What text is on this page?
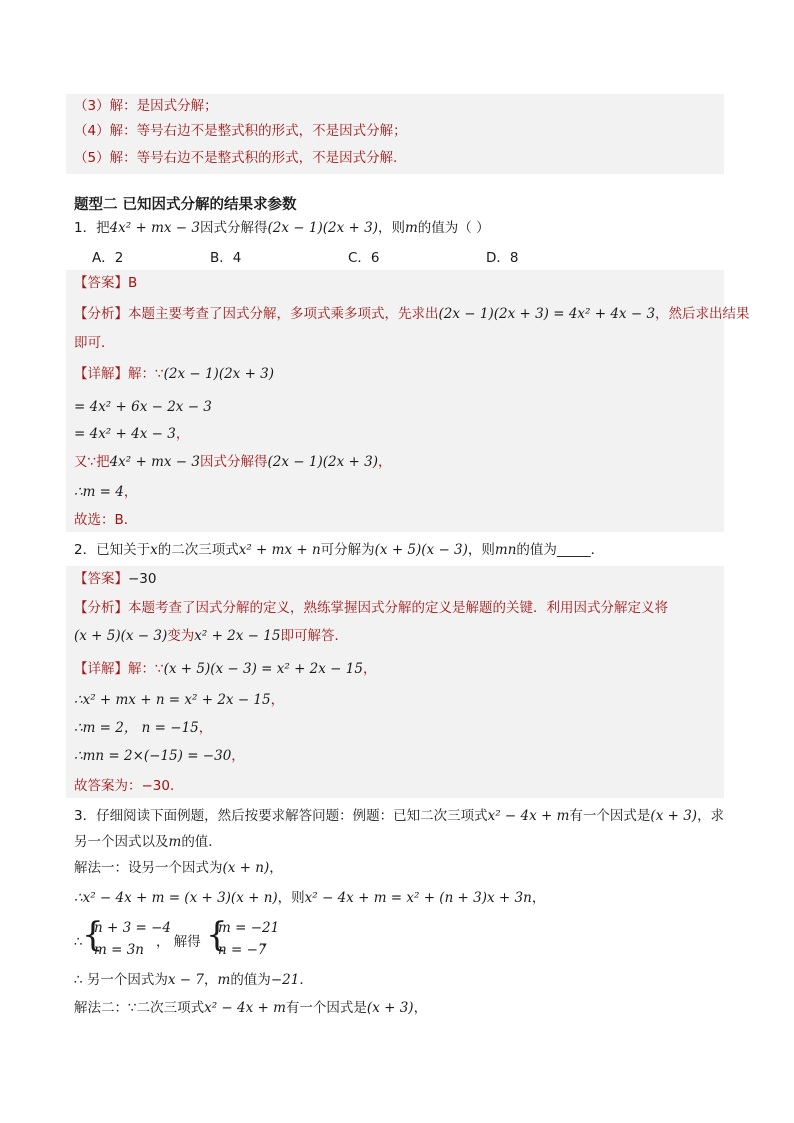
（3）解：是因式分解；
（4）解：等号右边不是整式积的形式，不是因式分解；
（5）解：等号右边不是整式积的形式，不是因式分解．
题型二 已知因式分解的结果求参数
1．把4x² + mx − 3因式分解得(2x − 1)(2x + 3)，则m的值为（ ）
A．2	B．4	C．6	D．8
【答案】B
【分析】本题主要考查了因式分解，多项式乘多项式，先求出(2x − 1)(2x + 3) = 4x² + 4x − 3，然后求出结果
即可．
【详解】解：∵(2x − 1)(2x + 3)
= 4x² + 6x − 2x − 3
= 4x² + 4x − 3，
又∵把4x² + mx − 3因式分解得(2x − 1)(2x + 3)，
∴m = 4，
故选：B．
2．已知关于x的二次三项式x² + mx + n可分解为(x + 5)(x − 3)，则mn的值为_____．
【答案】−30
【分析】本题考查了因式分解的定义，熟练掌握因式分解的定义是解题的关键．利用因式分解定义将
(x + 5)(x − 3)变为x² + 2x − 15即可解答．
【详解】解：∵(x + 5)(x − 3) = x² + 2x − 15，
∴x² + mx + n = x² + 2x − 15，
∴m = 2， n = −15，
∴mn = 2×(−15) = −30，
故答案为：−30．
3．仔细阅读下面例题，然后按要求解答问题：例题：已知二次三项式x² − 4x + m有一个因式是(x + 3)，求
另一个因式以及m的值．
解法一：设另一个因式为(x + n)，
∴x² − 4x + m = (x + 3)(x + n)，则x² − 4x + m = x² + (n + 3)x + 3n，
∴ {
n + 3 = −4
m = 3n ， 解得 {
m = −21
n = −7
，
∴ 另一个因式为x − 7，m的值为−21．
解法二：∵二次三项式x² − 4x + m有一个因式是(x + 3)，
